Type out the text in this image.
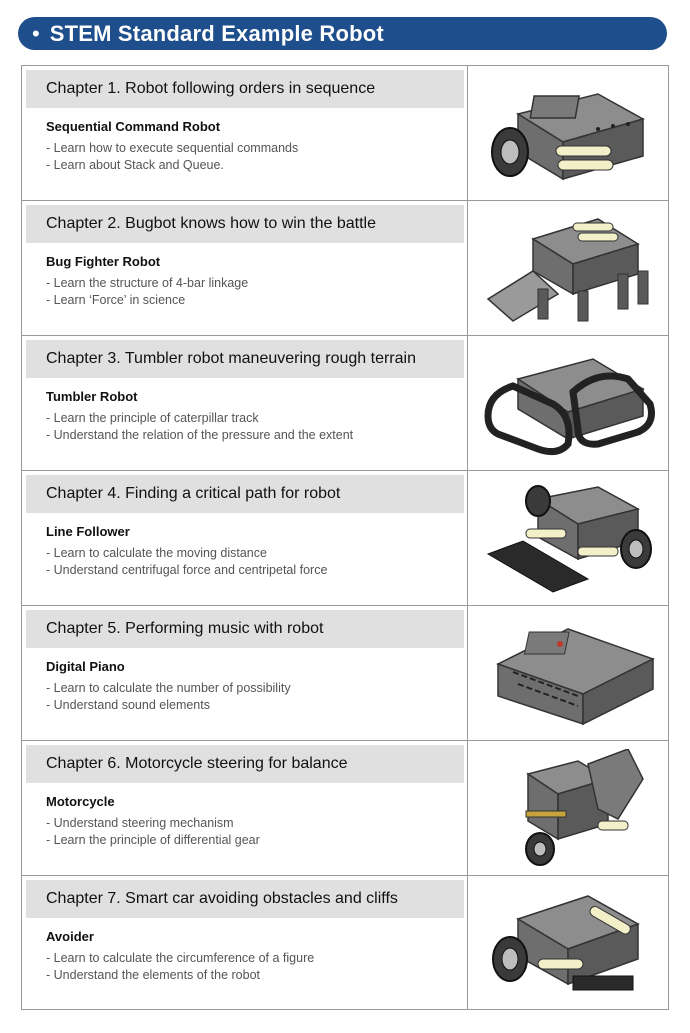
• STEM Standard Example Robot
Chapter 1. Robot following orders in sequence
Sequential Command Robot
- Learn how to execute sequential commands
- Learn about Stack and Queue.
Chapter 2. Bugbot knows how to win the battle
Bug Fighter Robot
- Learn the structure of 4-bar linkage
- Learn ‘Force’ in science
Chapter 3. Tumbler robot maneuvering rough terrain
Tumbler Robot
- Learn the principle of caterpillar track
- Understand the relation of the pressure and the extent
Chapter 4. Finding a critical path for robot
Line Follower
- Learn to calculate the moving distance
- Understand centrifugal force and centripetal force
Chapter 5. Performing music with robot
Digital Piano
- Learn to calculate the number of possibility
- Understand sound elements
Chapter 6. Motorcycle steering for balance
Motorcycle
- Understand steering mechanism
- Learn the principle of differential gear
Chapter 7. Smart car avoiding obstacles and cliffs
Avoider
- Learn to calculate the circumference of a figure
- Understand the elements of the robot
